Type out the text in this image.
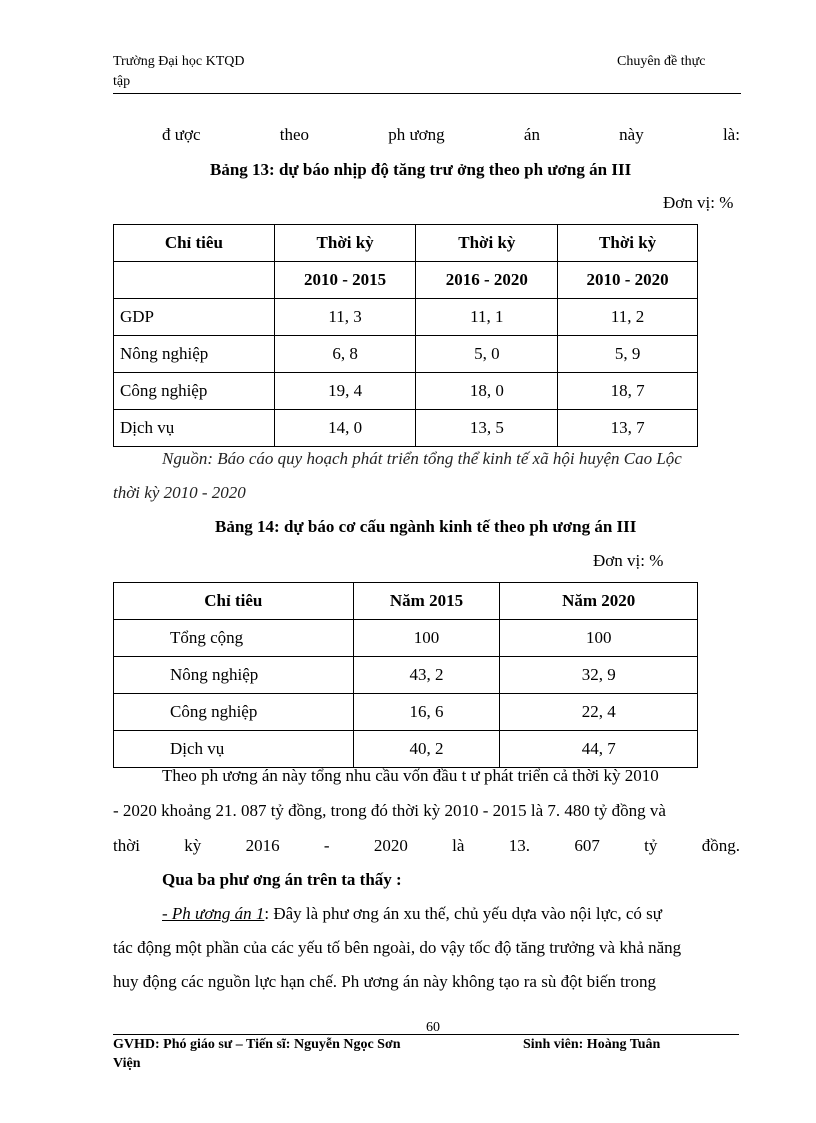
Trường Đại học KTQD
tập
Chuyên đề thực
đ ược	theo	ph ương	án	này	là:
Bảng 13: dự báo nhịp độ tăng trư ởng theo ph ương án III
Đơn vị: %
Chỉ tiêu	Thời kỳ	Thời kỳ	Thời kỳ
	2010 - 2015	2016 - 2020	2010 - 2020
GDP	11, 3	11, 1	11, 2
Nông nghiệp	6, 8	5, 0	5, 9
Công nghiệp	19, 4	18, 0	18, 7
Dịch vụ	14, 0	13, 5	13, 7
Nguồn: Báo cáo quy hoạch phát triển tổng thể kinh tế xã hội huyện Cao Lộc
thời kỳ 2010 - 2020
Bảng 14: dự báo cơ cấu ngành kinh tế theo ph ương án III
Đơn vị: %
Chỉ tiêu	Năm 2015	Năm 2020
Tổng cộng	100	100
Nông nghiệp	43, 2	32, 9
Công nghiệp	16, 6	22, 4
Dịch vụ	40, 2	44, 7
Theo ph ương án này tổng nhu cầu vốn đầu t ư phát triển cả thời kỳ 2010
- 2020 khoảng 21. 087 tỷ đồng, trong đó thời kỳ 2010 - 2015 là 7. 480 tỷ đồng và
thời	kỳ	2016	-	2020	là	13.	607	tỷ	đồng.
Qua ba phư ơng án trên ta thấy :
- Ph ương án 1: Đây là phư ơng án xu thế, chủ yếu dựa vào nội lực, có sự
tác động một phần của các yếu tố bên ngoài, do vậy tốc độ tăng trưởng và khả năng
huy động các nguồn lực hạn chế. Ph ương án này không tạo ra sù đột biến trong
60
GVHD: Phó giáo sư – Tiến sĩ: Nguyễn Ngọc Sơn
Viện
Sinh viên: Hoàng Tuân
